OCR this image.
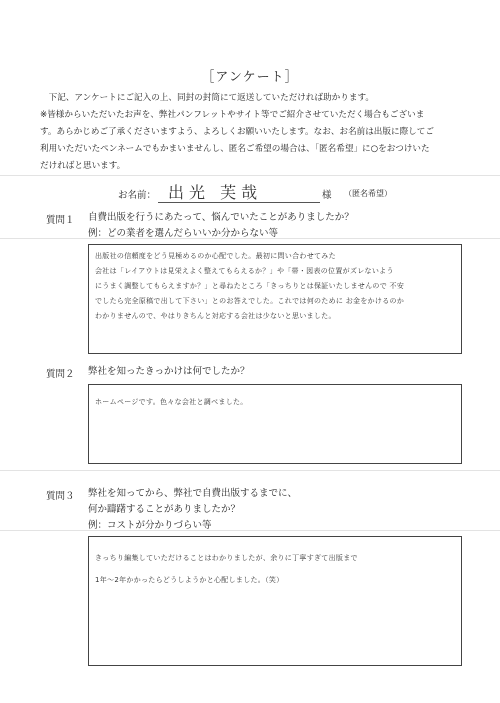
［アンケート］

下記、アンケートにご記入の上、同封の封筒にて返送していただければ助かります。

※皆様からいただいたお声を、弊社パンフレットやサイト等でご紹介させていただく場合もございま

す。あらかじめご了承くださいますよう、よろしくお願いいたします。なお、お名前は出版に際してご

利用いただいたペンネームでもかまいませんし、匿名ご希望の場合は、「匿名希望」に○をおつけいた

だければと思います。

お名前： 出光 芙哉	様 （匿名希望）
質問１ 自費出版を行うにあたって、悩んでいたことがありましたか？
例：どの業者を選んだらいいか分からない等

出版社の信頼度をどう見極めるのか心配でした。最初に問い合わせてみた

会社は「レイアウトは見栄えよく整えてもらえるか？」や「帯・図表の位置がズレないよう

にうまく調整してもらえますか？」と尋ねたところ「きっちりとは保証いたしませんので 不安

でしたら完全原稿で出して下さい」とのお答えでした。これでは何のために お金をかけるのか

わかりませんので、やはりきちんと対応する会社は少ないと思いました。

質問２ 弊社を知ったきっかけは何でしたか？

ホームページです。色々な会社と調べました。

質問３ 弊社を知ってから、弊社で自費出版するまでに、
何か躊躇することがありましたか？
例：コストが分かりづらい等

きっちり編集していただけることはわかりましたが、余りに丁寧すぎて出版まで

1年～2年かかったらどうしようかと心配しました。（笑）
